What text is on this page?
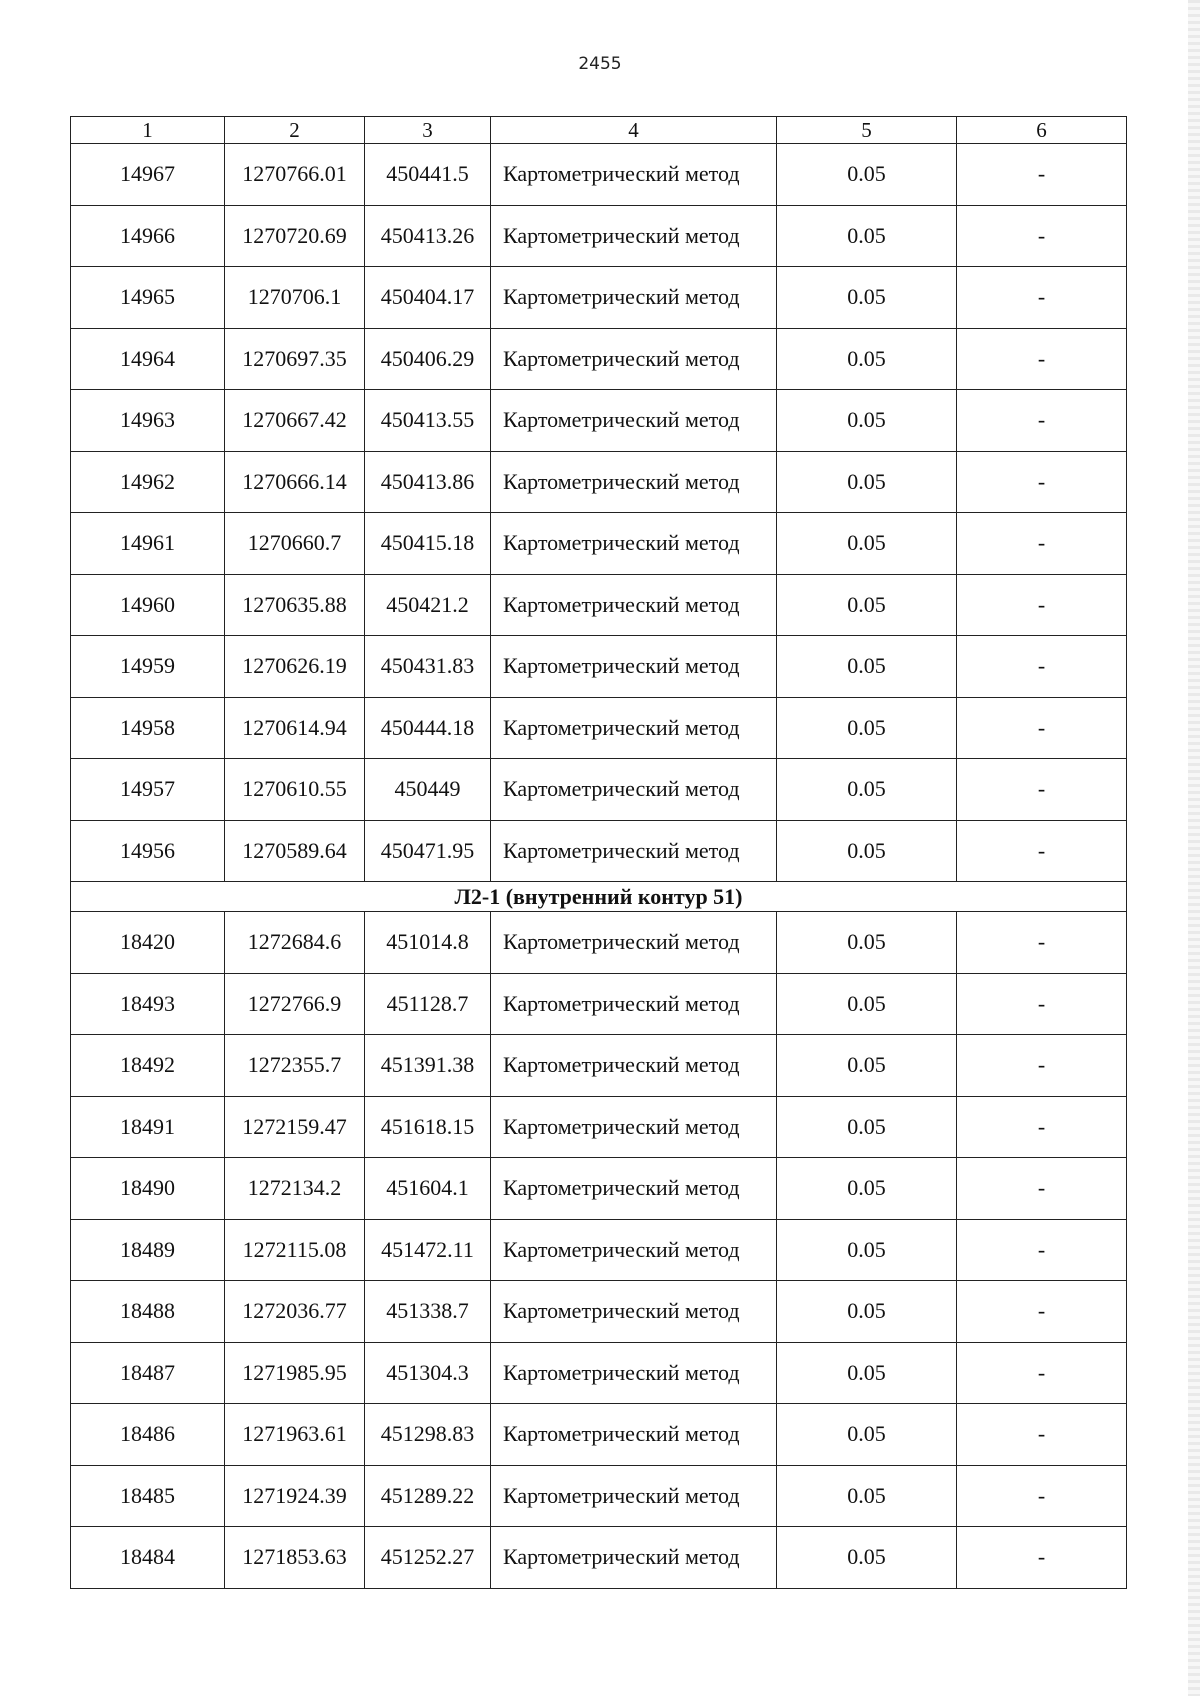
2455
1	2	3	4	5	6
14967	1270766.01	450441.5	Картометрический метод	0.05	-
14966	1270720.69	450413.26	Картометрический метод	0.05	-
14965	1270706.1	450404.17	Картометрический метод	0.05	-
14964	1270697.35	450406.29	Картометрический метод	0.05	-
14963	1270667.42	450413.55	Картометрический метод	0.05	-
14962	1270666.14	450413.86	Картометрический метод	0.05	-
14961	1270660.7	450415.18	Картометрический метод	0.05	-
14960	1270635.88	450421.2	Картометрический метод	0.05	-
14959	1270626.19	450431.83	Картометрический метод	0.05	-
14958	1270614.94	450444.18	Картометрический метод	0.05	-
14957	1270610.55	450449	Картометрический метод	0.05	-
14956	1270589.64	450471.95	Картометрический метод	0.05	-
Л2-1 (внутренний контур 51)					
18420	1272684.6	451014.8	Картометрический метод	0.05	-
18493	1272766.9	451128.7	Картометрический метод	0.05	-
18492	1272355.7	451391.38	Картометрический метод	0.05	-
18491	1272159.47	451618.15	Картометрический метод	0.05	-
18490	1272134.2	451604.1	Картометрический метод	0.05	-
18489	1272115.08	451472.11	Картометрический метод	0.05	-
18488	1272036.77	451338.7	Картометрический метод	0.05	-
18487	1271985.95	451304.3	Картометрический метод	0.05	-
18486	1271963.61	451298.83	Картометрический метод	0.05	-
18485	1271924.39	451289.22	Картометрический метод	0.05	-
18484	1271853.63	451252.27	Картометрический метод	0.05	-
